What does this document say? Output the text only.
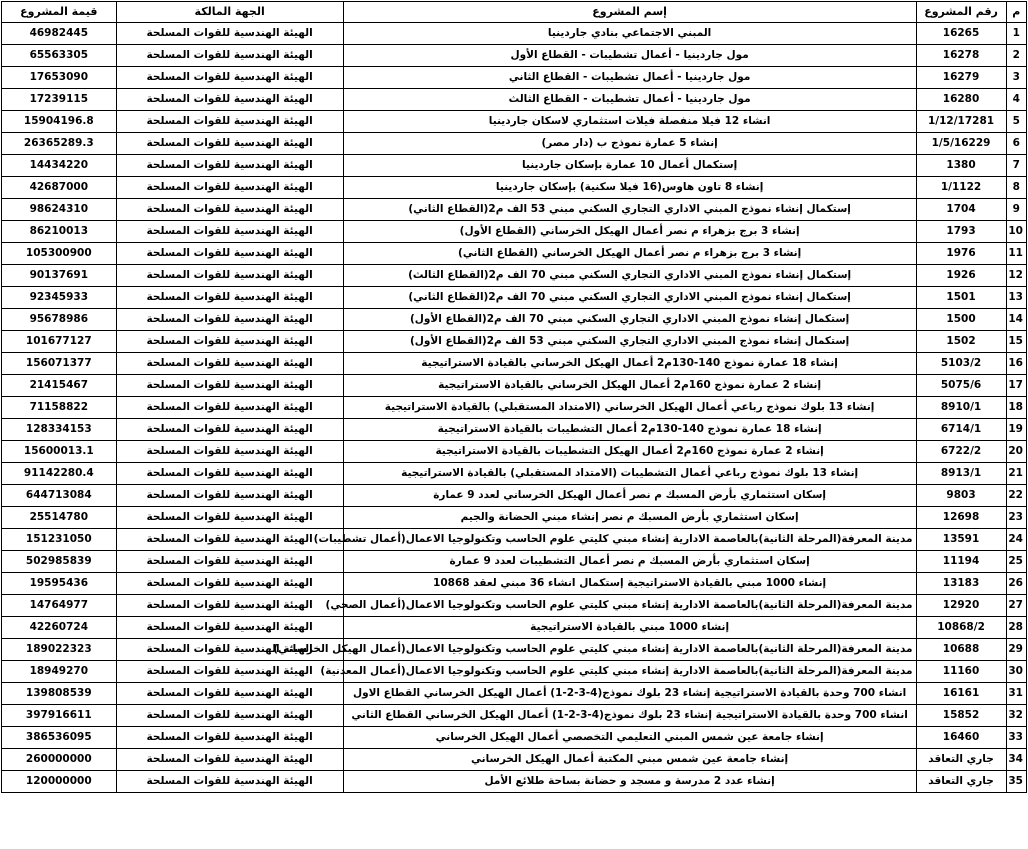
م	رقم المشروع	إسم المشروع	الجهة المالكة	قيمة المشروع
1	16265	المبني الاجتماعي بنادي جاردينيا	الهيئة الهندسية للقوات المسلحة	46982445
2	16278	مول جاردينيا - أعمال تشطيبات - القطاع الأول	الهيئة الهندسية للقوات المسلحة	65563305
3	16279	مول جاردينيا - أعمال تشطيبات - القطاع الثاني	الهيئة الهندسية للقوات المسلحة	17653090
4	16280	مول جاردينيا - أعمال تشطيبات - القطاع الثالث	الهيئة الهندسية للقوات المسلحة	17239115
5	1/12/17281	انشاء 12 فيلا منفصلة فيلات استثماري لاسكان جاردينيا	الهيئة الهندسية للقوات المسلحة	15904196.8
6	1/5/16229	إنشاء 5 عمارة نموذج ب (دار مصر)	الهيئة الهندسية للقوات المسلحة	26365289.3
7	1380	إستكمال أعمال 10 عمارة بإسكان جاردينيا	الهيئة الهندسية للقوات المسلحة	14434220
8	1/1122	إنشاء 8 تاون هاوس(16 فيلا سكنية) بإسكان جاردينيا	الهيئة الهندسية للقوات المسلحة	42687000
9	1704	إستكمال إنشاء نموذج المبني الاداري التجاري السكني مبني 53 الف م2(القطاع الثاني)	الهيئة الهندسية للقوات المسلحة	98624310
10	1793	إنشاء 3 برج بزهراء م نصر أعمال الهيكل الخرساني (القطاع الأول)	الهيئة الهندسية للقوات المسلحة	86210013
11	1976	إنشاء 3 برج بزهراء م نصر أعمال الهيكل الخرساني (القطاع الثاني)	الهيئة الهندسية للقوات المسلحة	105300900
12	1926	إستكمال إنشاء نموذج المبني الاداري التجاري السكني مبني 70 الف م2(القطاع الثالث)	الهيئة الهندسية للقوات المسلحة	90137691
13	1501	إستكمال إنشاء نموذج المبني الاداري التجاري السكني مبني 70 الف م2(القطاع الثاني)	الهيئة الهندسية للقوات المسلحة	92345933
14	1500	إستكمال إنشاء نموذج المبني الاداري التجاري السكني مبني 70 الف م2(القطاع الأول)	الهيئة الهندسية للقوات المسلحة	95678986
15	1502	إستكمال إنشاء نموذج المبني الاداري التجاري السكني مبني 53 الف م2(القطاع الأول)	الهيئة الهندسية للقوات المسلحة	101677127
16	5103/2	إنشاء 18 عمارة نموذج 140-130م2 أعمال الهيكل الخرساني بالقيادة الاستراتيجية	الهيئة الهندسية للقوات المسلحة	156071377
17	5075/6	إنشاء 2 عمارة نموذج 160م2 أعمال الهيكل الخرساني بالقيادة الاستراتيجية	الهيئة الهندسية للقوات المسلحة	21415467
18	8910/1	إنشاء 13 بلوك نموذج رباعي أعمال الهيكل الخرساني (الامتداد المستقبلي) بالقيادة الاستراتيجية	الهيئة الهندسية للقوات المسلحة	71158822
19	6714/1	إنشاء 18 عمارة نموذج 140-130م2 أعمال التشطيبات بالقيادة الاستراتيجية	الهيئة الهندسية للقوات المسلحة	128334153
20	6722/2	إنشاء 2 عمارة نموذج 160م2 أعمال الهيكل التشطيبات بالقيادة الاستراتيجية	الهيئة الهندسية للقوات المسلحة	15600013.1
21	8913/1	إنشاء 13 بلوك نموذج رباعي أعمال التشطيبات (الامتداد المستقبلي) بالقيادة الاستراتيجية	الهيئة الهندسية للقوات المسلحة	91142280.4
22	9803	إسكان استثماري بأرض المسبك م نصر أعمال الهيكل الخرساني لعدد 9 عمارة	الهيئة الهندسية للقوات المسلحة	644713084
23	12698	إسكان استثماري بأرض المسبك م نصر إنشاء مبني الحضانة والجيم	الهيئة الهندسية للقوات المسلحة	25514780
24	13591	مدينة المعرفة(المرحلة الثانية)بالعاصمة الادارية إنشاء مبني كليتي علوم الحاسب وتكنولوجيا الاعمال(أعمال تشطيبات)	الهيئة الهندسية للقوات المسلحة	151231050
25	11194	إسكان استثماري بأرض المسبك م نصر أعمال التشطيبات لعدد 9 عمارة	الهيئة الهندسية للقوات المسلحة	502985839
26	13183	إنشاء 1000 مبني بالقيادة الاستراتيجية إستكمال انشاء 36 مبني لعقد 10868	الهيئة الهندسية للقوات المسلحة	19595436
27	12920	مدينة المعرفة(المرحلة الثانية)بالعاصمة الادارية إنشاء مبني كليتي علوم الحاسب وتكنولوجيا الاعمال(أعمال الصحي)	الهيئة الهندسية للقوات المسلحة	14764977
28	10868/2	إنشاء 1000 مبني بالقيادة الاستراتيجية	الهيئة الهندسية للقوات المسلحة	42260724
29	10688	مدينة المعرفة(المرحلة الثانية)بالعاصمة الادارية إنشاء مبني كليتي علوم الحاسب وتكنولوجيا الاعمال(أعمال الهيكل الخرساني)	الهيئة الهندسية للقوات المسلحة	189022323
30	11160	مدينة المعرفة(المرحلة الثانية)بالعاصمة الادارية إنشاء مبني كليتي علوم الحاسب وتكنولوجيا الاعمال(أعمال المعدنية)	الهيئة الهندسية للقوات المسلحة	18949270
31	16161	انشاء 700 وحدة بالقيادة الاستراتيجية إنشاء 23 بلوك نموذج(4-3-2-1) أعمال الهيكل الخرساني القطاع الاول	الهيئة الهندسية للقوات المسلحة	139808539
32	15852	انشاء 700 وحدة بالقيادة الاستراتيجية إنشاء 23 بلوك نموذج(4-3-2-1) أعمال الهيكل الخرساني القطاع الثاني	الهيئة الهندسية للقوات المسلحة	397916611
33	16460	إنشاء جامعة عين شمس المبني التعليمي التخصصي أعمال الهيكل الخرساني	الهيئة الهندسية للقوات المسلحة	386536095
34	جاري التعاقد	إنشاء جامعة عين شمس مبني المكتبة أعمال الهيكل الخرساني	الهيئة الهندسية للقوات المسلحة	260000000
35	جاري التعاقد	إنشاء عدد 2 مدرسة و مسجد و حضانة بساحة طلائع الأمل	الهيئة الهندسية للقوات المسلحة	120000000
